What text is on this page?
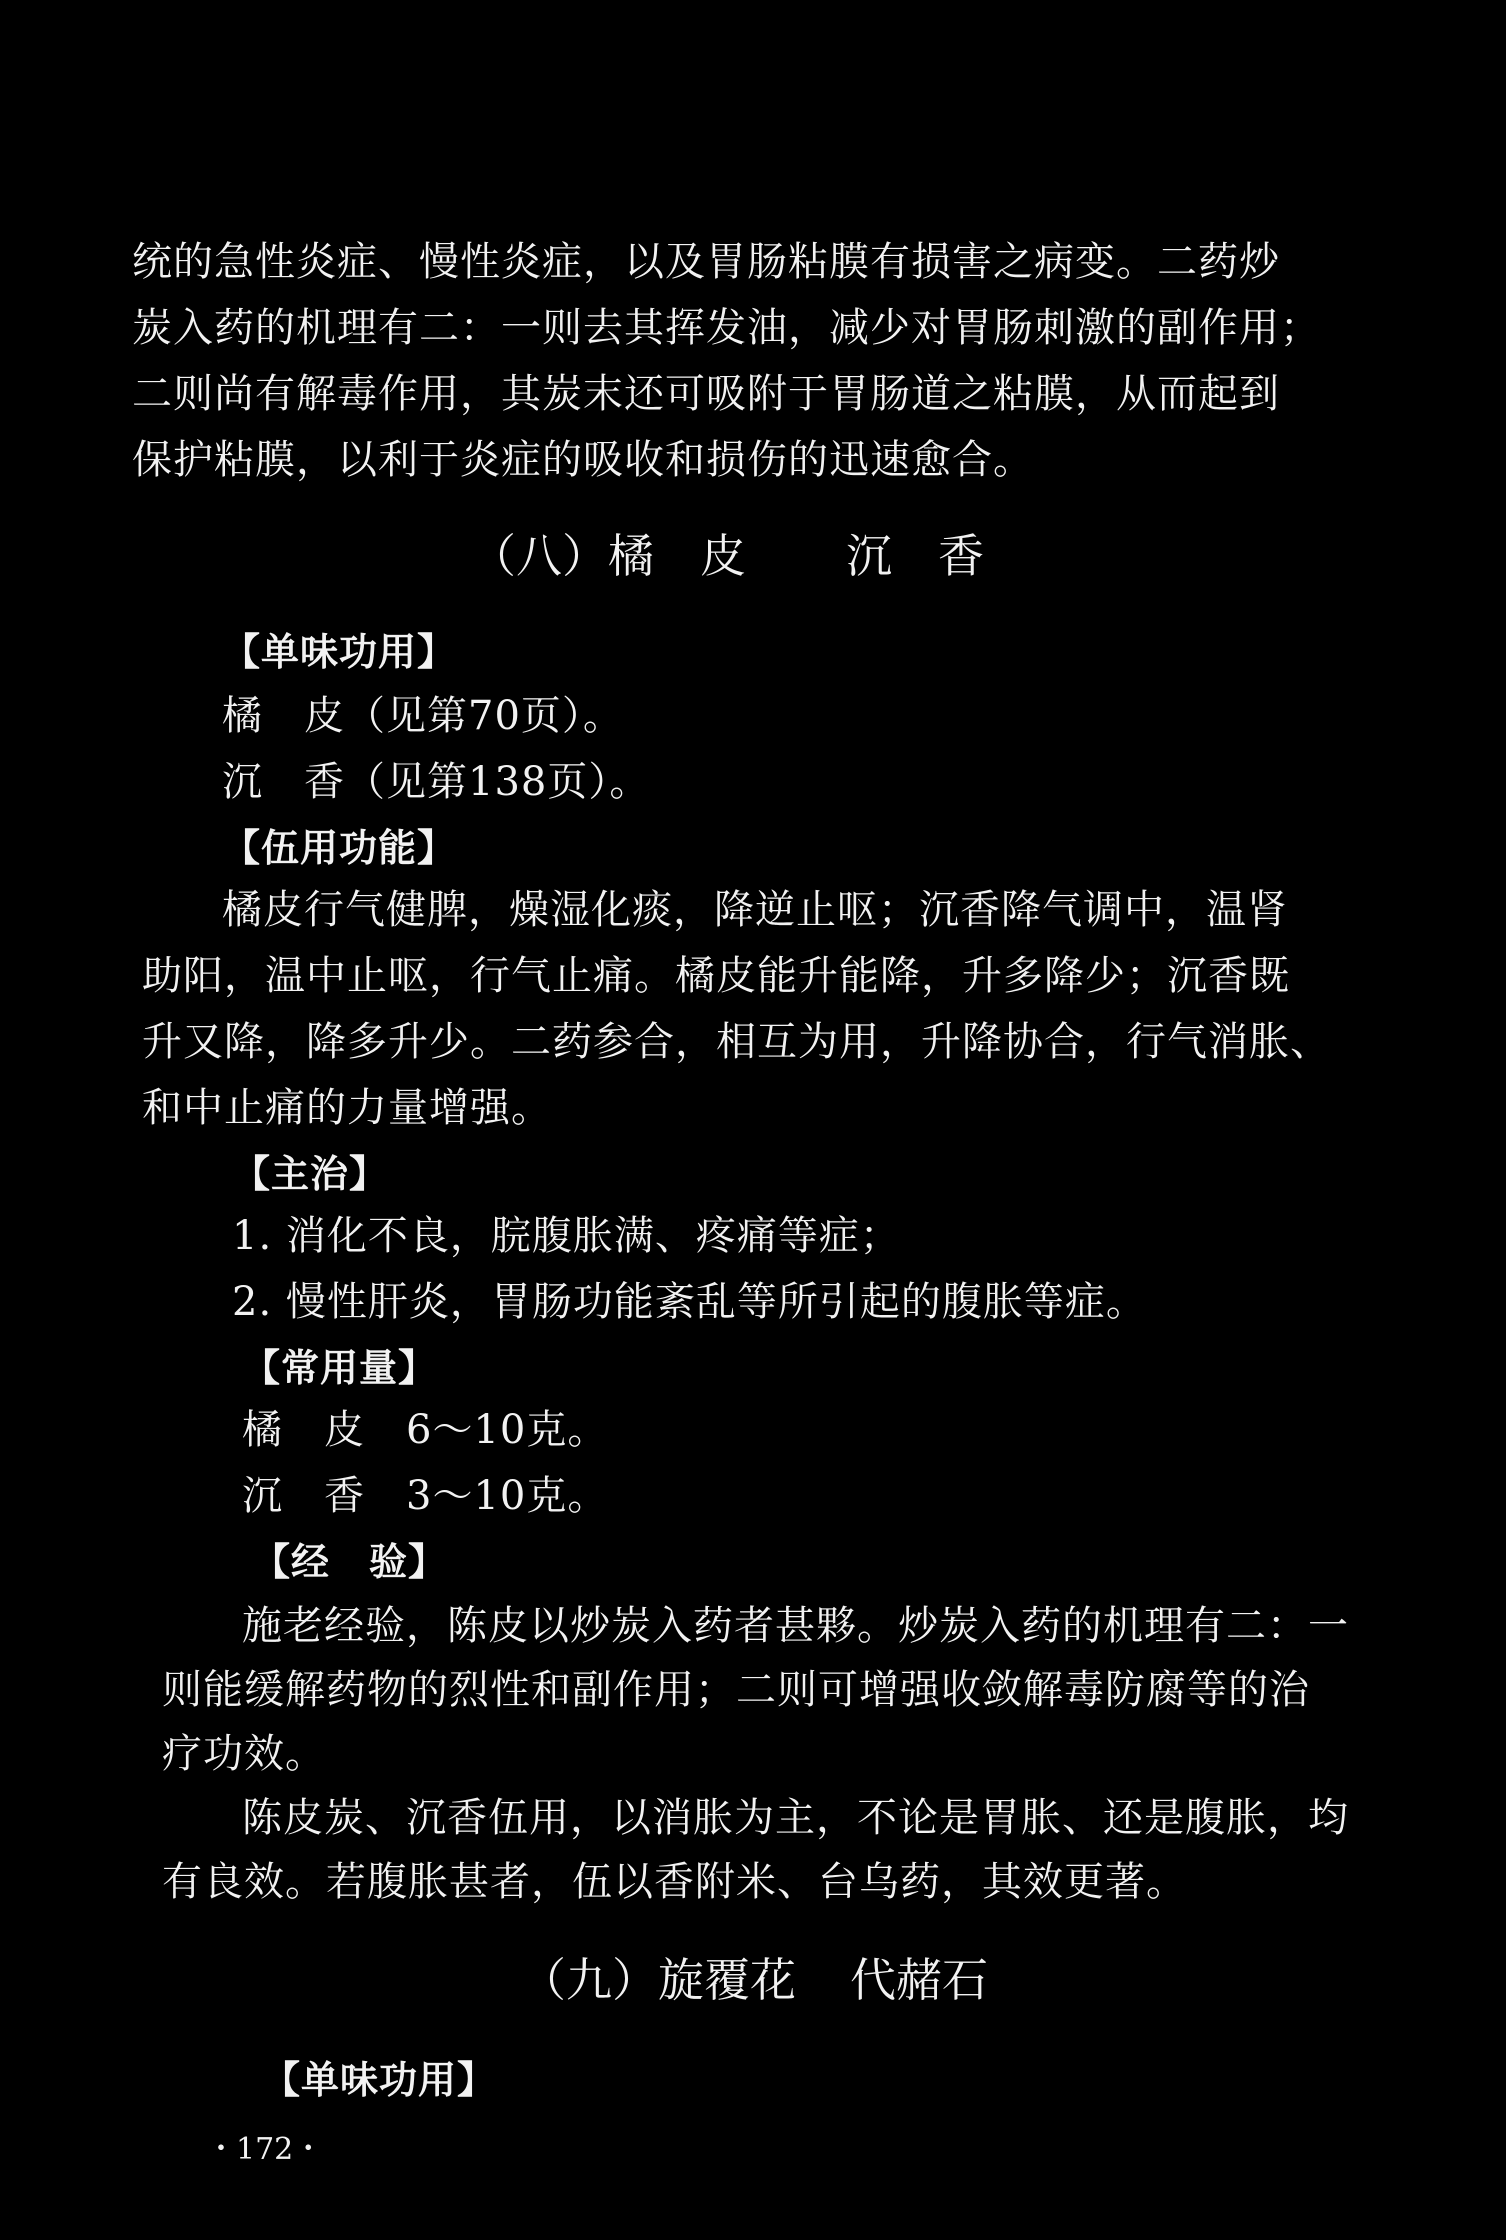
统的急性炎症、慢性炎症，以及胃肠粘膜有损害之病变。二药炒
炭入药的机理有二：一则去其挥发油，减少对胃肠刺激的副作用；
二则尚有解毒作用，其炭末还可吸附于胃肠道之粘膜，从而起到
保护粘膜，以利于炎症的吸收和损伤的迅速愈合。
（八）橘　皮 沉　香
【单味功用】
橘　皮（见第70页）。
沉　香（见第138页）。
【伍用功能】
橘皮行气健脾，燥湿化痰，降逆止呕；沉香降气调中，温肾
助阳，温中止呕，行气止痛。橘皮能升能降，升多降少；沉香既
升又降，降多升少。二药参合，相互为用，升降协合，行气消胀、
和中止痛的力量增强。
【主治】
1. 消化不良，脘腹胀满、疼痛等症；
2. 慢性肝炎，胃肠功能紊乱等所引起的腹胀等症。
【常用量】
橘　皮　6～10克。
沉　香　3～10克。
【经　验】
施老经验，陈皮以炒炭入药者甚夥。炒炭入药的机理有二：一
则能缓解药物的烈性和副作用；二则可增强收敛解毒防腐等的治
疗功效。
陈皮炭、沉香伍用，以消胀为主，不论是胃胀、还是腹胀，均
有良效。若腹胀甚者，伍以香附米、台乌药，其效更著。
（九）旋覆花 代赭石
【单味功用】
・172・
